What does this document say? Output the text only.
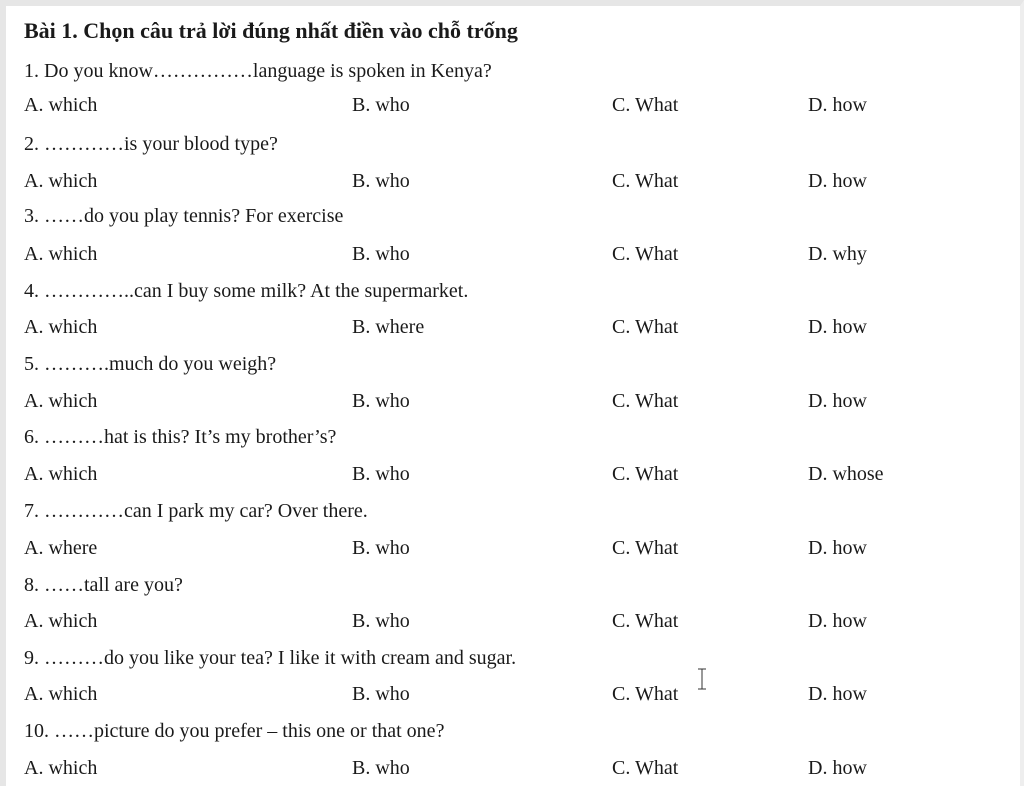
Bài 1. Chọn câu trả lời đúng nhất điền vào chỗ trống
1. Do you know……………language is spoken in Kenya?
A. which	B. who	C. What	D. how
2. …………is your blood type?
A. which	B. who	C. What	D. how
3. ……do you play tennis? For exercise
A. which	B. who	C. What	D. why
4. …………..can I buy some milk? At the supermarket.
A. which	B. where	C. What	D. how
5. ……….much do you weigh?
A. which	B. who	C. What	D. how
6. ………hat is this? It’s my brother’s?
A. which	B. who	C. What	D. whose
7. …………can I park my car? Over there.
A. where	B. who	C. What	D. how
8. ……tall are you?
A. which	B. who	C. What	D. how
9. ………do you like your tea? I like it with cream and sugar.
A. which	B. who	C. What	D. how
10. ……picture do you prefer – this one or that one?
A. which	B. who	C. What	D. how
